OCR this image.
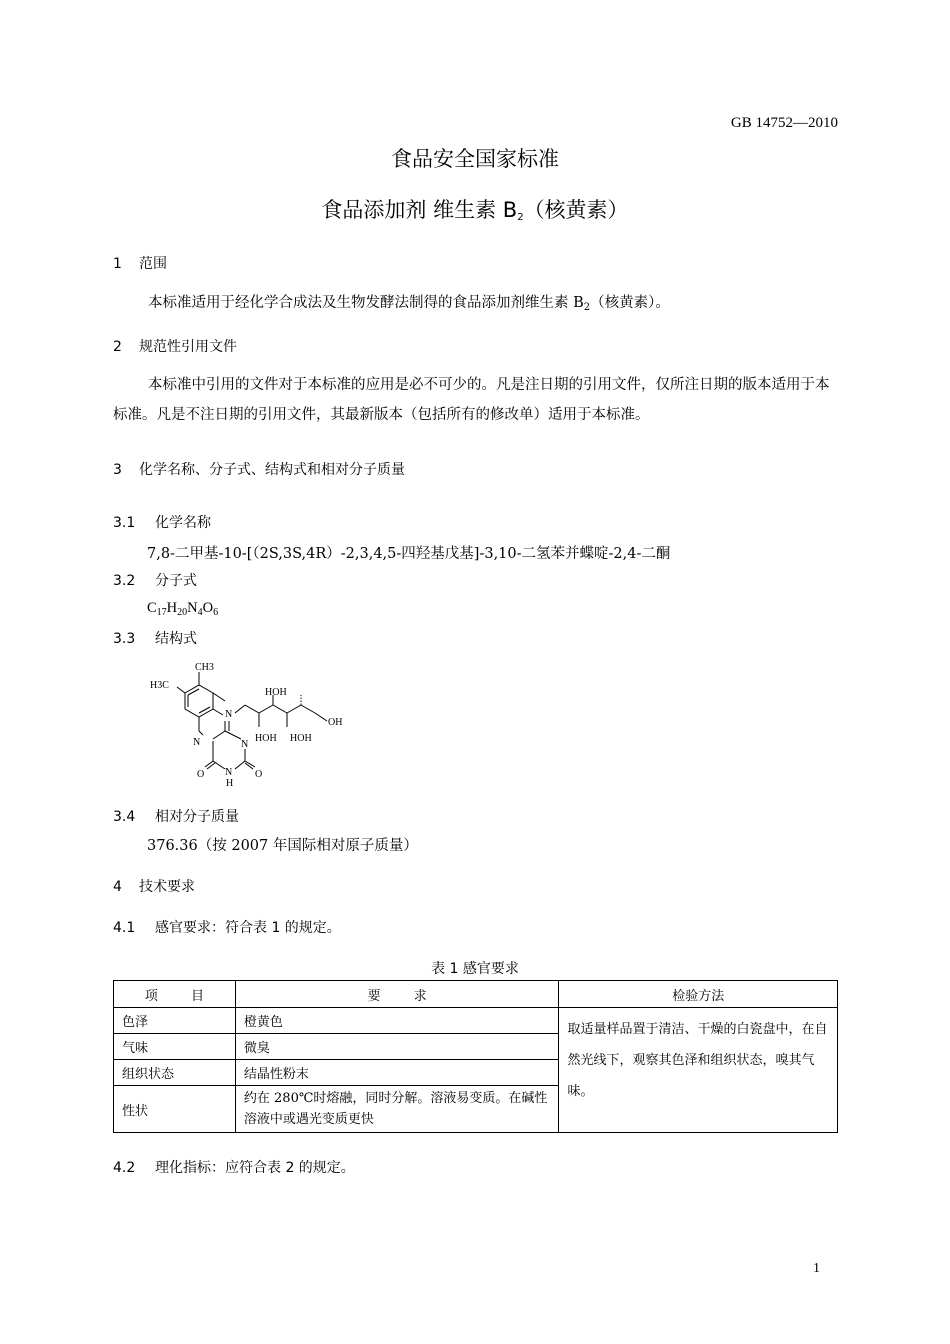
GB 14752—2010
食品安全国家标准
食品添加剂 维生素 $B_2$（核黄素）
1 范围
本标准适用于经化学合成法及生物发酵法制得的食品添加剂维生素 $B_2$（核黄素）。
2 规范性引用文件
本标准中引用的文件对于本标准的应用是必不可少的。凡是注日期的引用文件，仅所注日期的版本适用于本标准。凡是不注日期的引用文件，其最新版本（包括所有的修改单）适用于本标准。
3 化学名称、分子式、结构式和相对分子质量
3.1 化学名称
7,8-二甲基-10-[（2S,3S,4R）-2,3,4,5-四羟基戊基]-3,10-二氢苯并蝶啶-2,4-二酮
3.2 分子式
$C_{17}H_{20}N_4O_6$
3.3 结构式
CH3
H3C
N
N	N
N
H
O	O
HOH
HOH HOH
OH
3.4 相对分子质量
376.36（按 2007 年国际相对原子质量）
4 技术要求
4.1 感官要求：符合表 1 的规定。
表 1 感官要求
项        目	要        求	检验方法
色泽	橙黄色	取适量样品置于清洁、干燥的白瓷盘中，在自然光线下，观察其色泽和组织状态，嗅其气味。
气味	微臭	
组织状态	结晶性粉末	
性状	约在 280℃时熔融，同时分解。溶液易变质。在碱性溶液中或遇光变质更快	
4.2 理化指标：应符合表 2 的规定。
1
